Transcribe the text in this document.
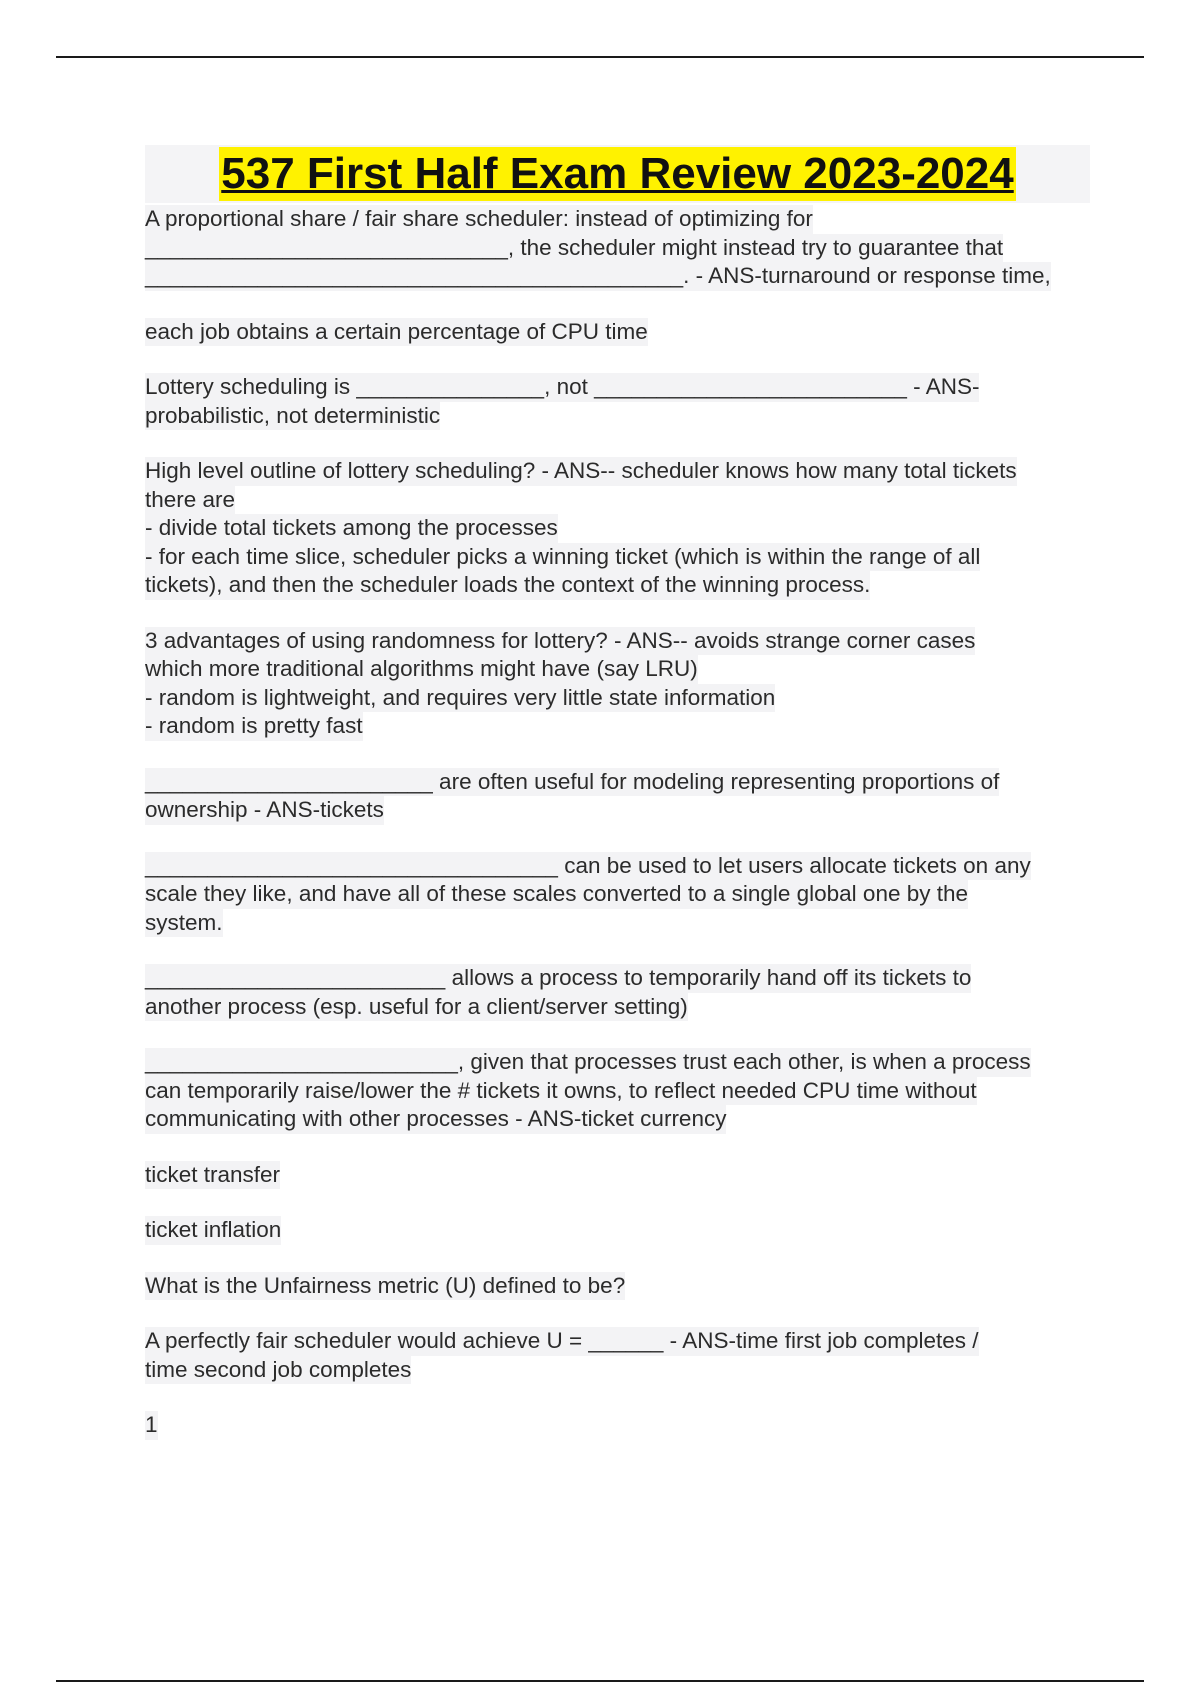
537 First Half Exam Review 2023-2024
A proportional share / fair share scheduler: instead of optimizing for
_____________________________, the scheduler might instead try to guarantee that
___________________________________________. - ANS-turnaround or response time,
each job obtains a certain percentage of CPU time
Lottery scheduling is _______________, not _________________________ - ANS-
probabilistic, not deterministic
High level outline of lottery scheduling? - ANS-- scheduler knows how many total tickets
there are
- divide total tickets among the processes
- for each time slice, scheduler picks a winning ticket (which is within the range of all
tickets), and then the scheduler loads the context of the winning process.
3 advantages of using randomness for lottery? - ANS-- avoids strange corner cases
which more traditional algorithms might have (say LRU)
- random is lightweight, and requires very little state information
- random is pretty fast
_______________________ are often useful for modeling representing proportions of
ownership - ANS-tickets
_________________________________ can be used to let users allocate tickets on any
scale they like, and have all of these scales converted to a single global one by the
system.
________________________ allows a process to temporarily hand off its tickets to
another process (esp. useful for a client/server setting)
_________________________, given that processes trust each other, is when a process
can temporarily raise/lower the # tickets it owns, to reflect needed CPU time without
communicating with other processes - ANS-ticket currency
ticket transfer
ticket inflation
What is the Unfairness metric (U) defined to be?
A perfectly fair scheduler would achieve U = ______ - ANS-time first job completes /
time second job completes
1
